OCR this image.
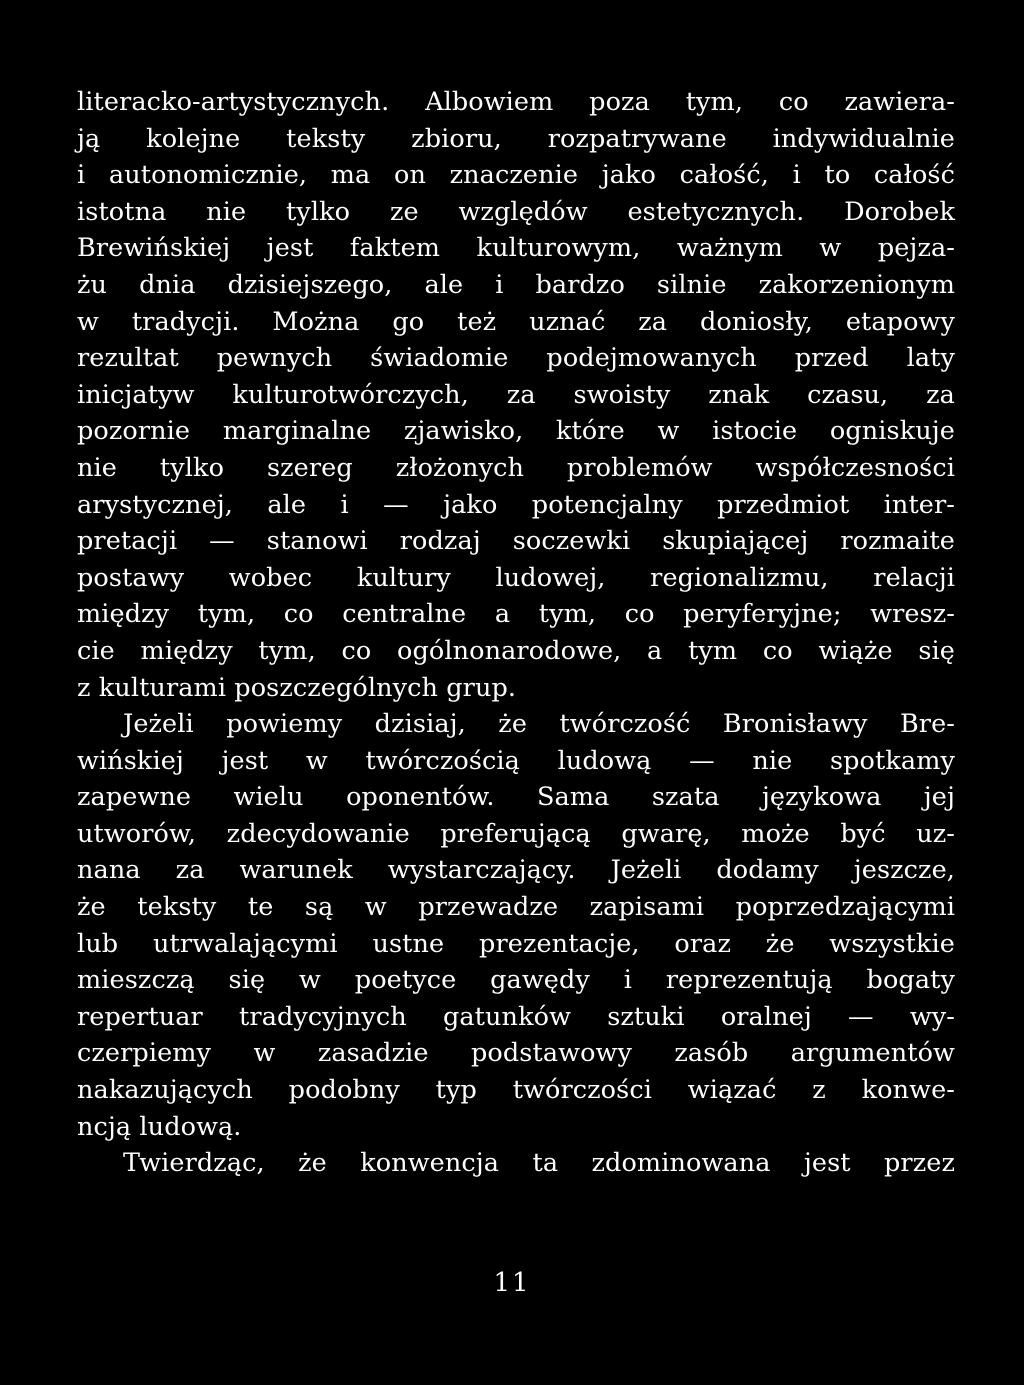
literacko-artystycznych. Albowiem poza tym, co zawiera-
ją kolejne teksty zbioru, rozpatrywane indywidualnie
i autonomicznie, ma on znaczenie jako całość, i to całość
istotna nie tylko ze względów estetycznych. Dorobek
Brewińskiej jest faktem kulturowym, ważnym w pejza-
żu dnia dzisiejszego, ale i bardzo silnie zakorzenionym
w tradycji. Można go też uznać za doniosły, etapowy
rezultat pewnych świadomie podejmowanych przed laty
inicjatyw kulturotwórczych, za swoisty znak czasu, za
pozornie marginalne zjawisko, które w istocie ogniskuje
nie tylko szereg złożonych problemów współczesności
arystycznej, ale i — jako potencjalny przedmiot inter-
pretacji — stanowi rodzaj soczewki skupiającej rozmaite
postawy wobec kultury ludowej, regionalizmu, relacji
między tym, co centralne a tym, co peryferyjne; wresz-
cie między tym, co ogólnonarodowe, a tym co wiąże się
z kulturami poszczególnych grup.
Jeżeli powiemy dzisiaj, że twórczość Bronisławy Bre-
wińskiej jest w twórczością ludową — nie spotkamy
zapewne wielu oponentów. Sama szata językowa jej
utworów, zdecydowanie preferującą gwarę, może być uz-
nana za warunek wystarczający. Jeżeli dodamy jeszcze,
że teksty te są w przewadze zapisami poprzedzającymi
lub utrwalającymi ustne prezentacje, oraz że wszystkie
mieszczą się w poetyce gawędy i reprezentują bogaty
repertuar tradycyjnych gatunków sztuki oralnej — wy-
czerpiemy w zasadzie podstawowy zasób argumentów
nakazujących podobny typ twórczości wiązać z konwe-
ncją ludową.
Twierdząc, że konwencja ta zdominowana jest przez
11
